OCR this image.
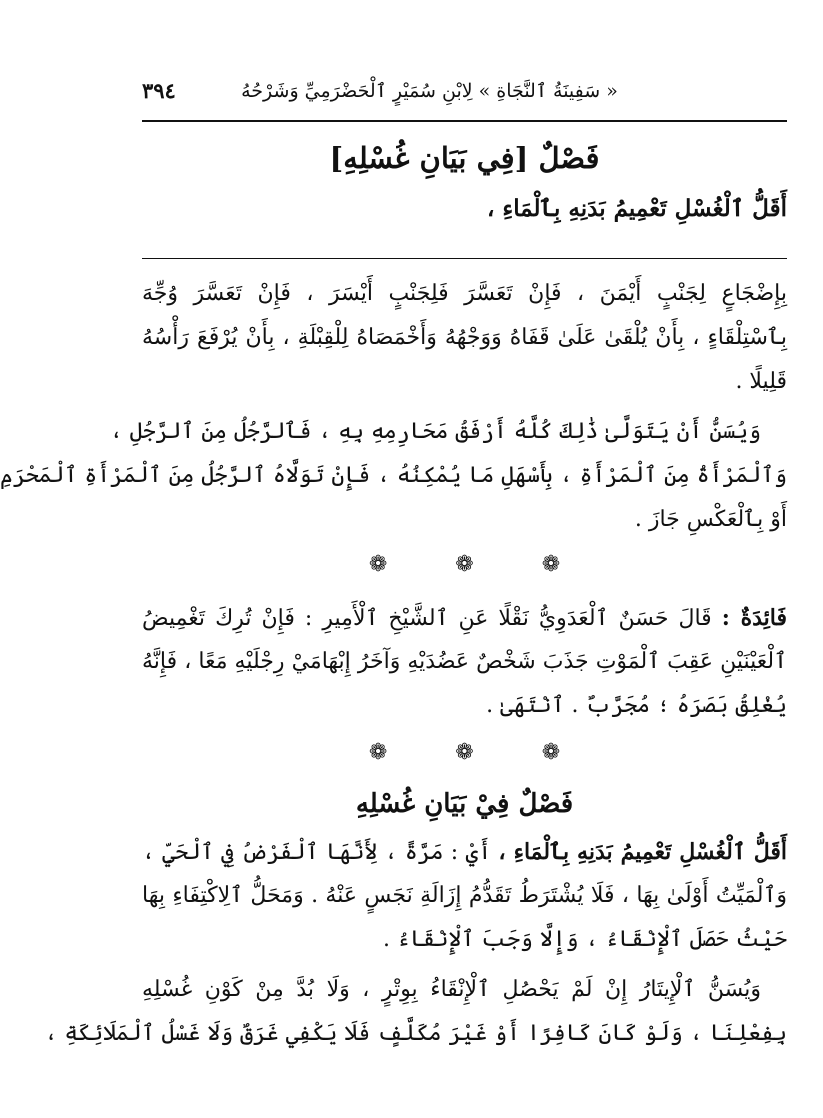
« سَفِينَةُ ٱلنَّجَاةِ » لِابْنِ سُمَيْرٍ ٱلْحَضْرَمِيِّ وَشَرْحُهُ
٣٩٤
فَصْلٌ [فِي بَيَانِ غُسْلِهِ]
أَقَلُّ ٱلْغُسْلِ تَعْمِيمُ بَدَنِهِ بِٱلْمَاءِ ،
بِإِضْجَاعٍ لِجَنْبٍ أَيْمَنَ ، فَإِنْ تَعَسَّرَ فَلِجَنْبٍ أَيْسَرَ ، فَإِنْ تَعَسَّرَ وُجِّهَ
بِٱسْتِلْقَاءٍ ، بِأَنْ يُلْقَىٰ عَلَىٰ قَفَاهُ وَوَجْهُهُ وَأَخْمَصَاهُ لِلْقِبْلَةِ ، بِأَنْ يُرْفَعَ رَأْسُهُ
قَلِيلًا .
وَيُسَنُّ أَنْ يَتَوَلَّىٰ ذَٰلِكَ كُلَّهُ أَرْفَقُ مَحَارِمِهِ بِهِ ، فَٱلرَّجُلُ مِنَ ٱلرَّجُلِ ،
وَٱلْمَرْأَةُ مِنَ ٱلْمَرْأَةِ ، بِأَسْهَلِ مَا يُمْكِنُهُ ، فَإِنْ تَوَلَّاهُ ٱلرَّجُلُ مِنَ ٱلْمَرْأَةِ ٱلْمَحْرَمِ
أَوْ بِٱلْعَكْسِ جَازَ .
❁❁❁
فَائِدَةٌ : قَالَ حَسَنٌ ٱلْعَدَوِيُّ نَقْلًا عَنِ ٱلشَّيْخِ ٱلْأَمِيرِ : فَإِنْ تُرِكَ تَغْمِيضُ
ٱلْعَيْنَيْنِ عَقِبَ ٱلْمَوْتِ جَذَبَ شَخْصٌ عَضُدَيْهِ وَآخَرُ إِبْهَامَيْ رِجْلَيْهِ مَعًا ، فَإِنَّهُ
يُغْلِقُ بَصَرَهُ ؛ مُجَرَّبٌ . ٱنْتَهَىٰ .
❁❁❁
فَصْلٌ فِيْ بَيَانِ غُسْلِهِ
أَقَلُّ ٱلْغُسْلِ تَعْمِيمُ بَدَنِهِ بِٱلْمَاءِ ، أَيْ : مَرَّةً ، لِأَنَّهَا ٱلْفَرْضُ فِي ٱلْحَيِّ ،
وَٱلْمَيِّتُ أَوْلَىٰ بِهَا ، فَلَا يُشْتَرَطُ تَقَدُّمُ إِزَالَةِ نَجَسٍ عَنْهُ . وَمَحَلُّ ٱلِاكْتِفَاءِ بِهَا
حَيْثُ حَصَلَ ٱلْإِنْقَاءُ ، وَإِلَّا وَجَبَ ٱلْإِنْقَاءُ .
وَيُسَنُّ ٱلْإِيتَارُ إِنْ لَمْ يَحْصُلِ ٱلْإِنْقَاءُ بِوِتْرٍ ، وَلَا بُدَّ مِنْ كَوْنِ غُسْلِهِ
بِفِعْلِنَا ، وَلَوْ كَانَ كَافِرًا أَوْ غَيْرَ مُكَلَّفٍ فَلَا يَكْفِي غَرَقٌ وَلَا غَسْلُ ٱلْمَلَائِكَةِ ،
